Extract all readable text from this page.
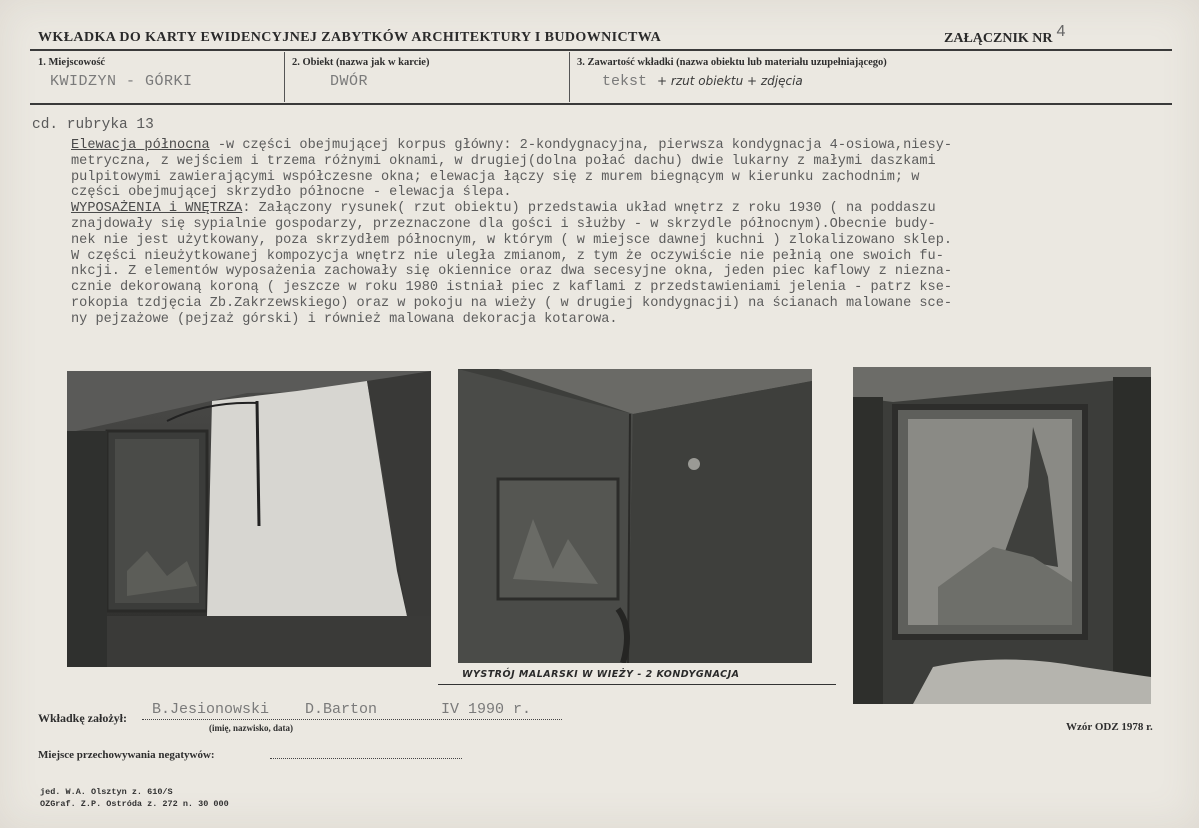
WKŁADKA DO KARTY EWIDENCYJNEJ ZABYTKÓW ARCHITEKTURY I BUDOWNICTWA	ZAŁĄCZNIK NR 4
1. Miejscowość
KWIDZYN - GÓRKI
2. Obiekt (nazwa jak w karcie)
DWÓR
3. Zawartość wkładki (nazwa obiektu lub materiału uzupełniającego)
tekst + rzut obiektu + zdjęcia
cd. rubryka 13
Elewacja północna -w części obejmującej korpus główny: 2-kondygnacyjna, pierwsza kondygnacja 4-osiowa,niesy-
metryczna, z wejściem i trzema różnymi oknami, w drugiej(dolna połać dachu) dwie lukarny z małymi daszkami
pulpitowymi zawierającymi współczesne okna; elewacja łączy się z murem biegnącym w kierunku zachodnim; w
części obejmującej skrzydło północne - elewacja ślepa.
WYPOSAŻENIA i WNĘTRZA: Załączony rysunek( rzut obiektu) przedstawia układ wnętrz z roku 1930 ( na poddaszu
znajdowały się sypialnie gospodarzy, przeznaczone dla gości i służby - w skrzydle północnym).Obecnie budy-
nek nie jest użytkowany, poza skrzydłem północnym, w którym ( w miejsce dawnej kuchni ) zlokalizowano sklep.
W części nieużytkowanej kompozycja wnętrz nie uległa zmianom, z tym że oczywiście nie pełnią one swoich fu-
nkcji. Z elementów wyposażenia zachowały się okiennice oraz dwa secesyjne okna, jeden piec kaflowy z niezna-
cznie dekorowaną koroną ( jeszcze w roku 1980 istniał piec z kaflami z przedstawieniami jelenia - patrz kse-
rokopia tzdjęcia Zb.Zakrzewskiego) oraz w pokoju na wieży ( w drugiej kondygnacji) na ścianach malowane sce-
ny pejzażowe (pejzaż górski) i również malowana dekoracja kotarowa.
WYSTRÓJ MALARSKI W WIEŻY - 2 KONDYGNACJA
Wkładkę założył: B.Jesionowski    D.Barton	IV 1990 r.
(imię, nazwisko, data)	Wzór ODZ 1978 r.
Miejsce przechowywania negatywów:
jed. W.A. Olsztyn z. 610/S
OZGraf. Z.P. Ostróda z. 272 n. 30 000
